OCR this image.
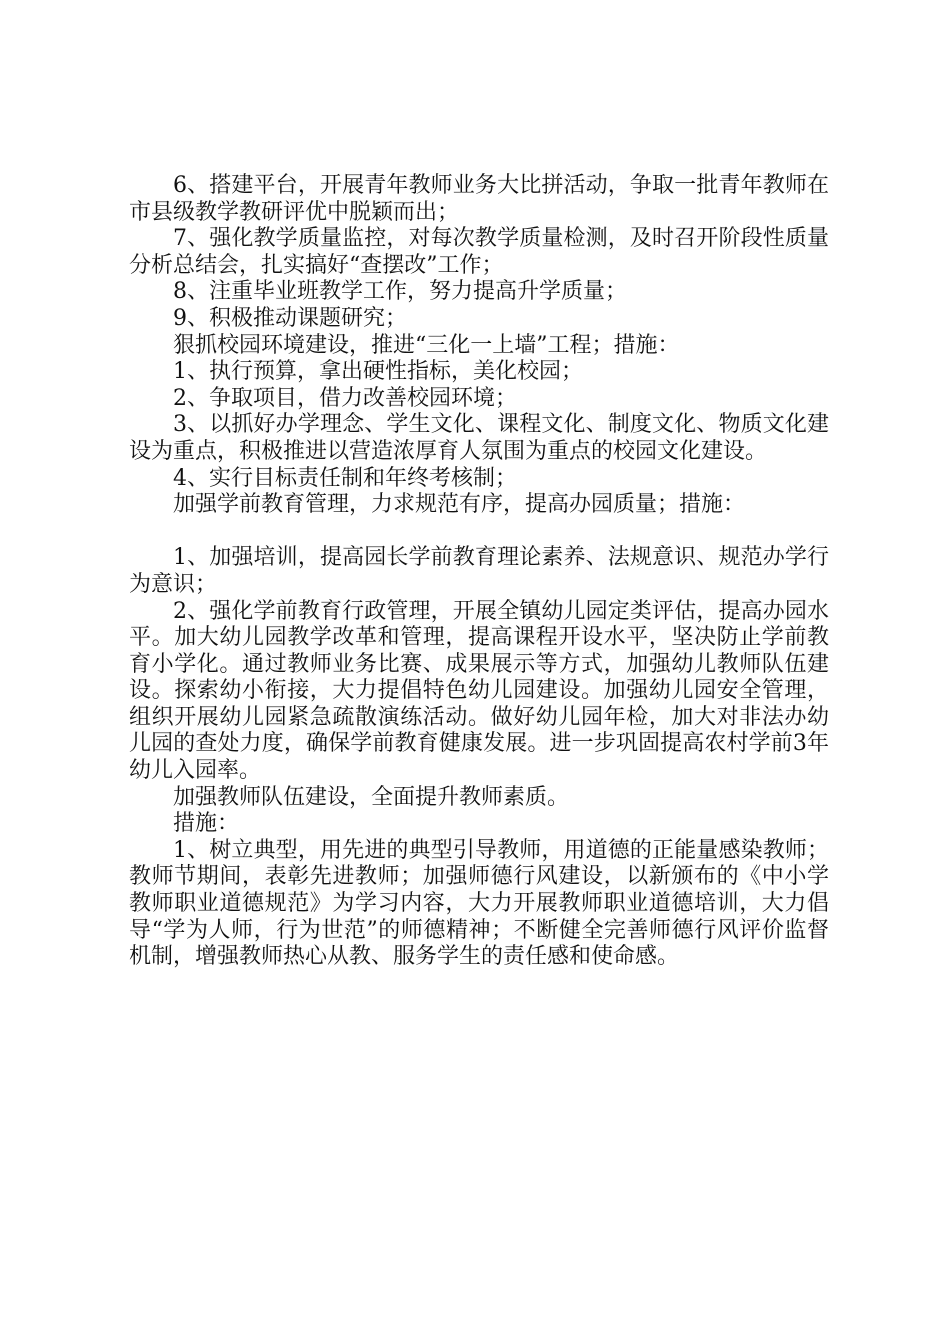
6、搭建平台，开展青年教师业务大比拼活动，争取一批青年教师在市县级教学教研评优中脱颖而出；

7、强化教学质量监控，对每次教学质量检测，及时召开阶段性质量分析总结会，扎实搞好“查摆改”工作；

8、注重毕业班教学工作，努力提高升学质量；

9、积极推动课题研究；

狠抓校园环境建设，推进“三化一上墙”工程；措施：

1、执行预算，拿出硬性指标，美化校园；

2、争取项目，借力改善校园环境；

3、以抓好办学理念、学生文化、课程文化、制度文化、物质文化建设为重点，积极推进以营造浓厚育人氛围为重点的校园文化建设。

4、实行目标责任制和年终考核制；

加强学前教育管理，力求规范有序，提高办园质量；措施：

1、加强培训，提高园长学前教育理论素养、法规意识、规范办学行为意识；

2、强化学前教育行政管理，开展全镇幼儿园定类评估，提高办园水平。加大幼儿园教学改革和管理，提高课程开设水平，坚决防止学前教育小学化。通过教师业务比赛、成果展示等方式，加强幼儿教师队伍建设。探索幼小衔接，大力提倡特色幼儿园建设。加强幼儿园安全管理，组织开展幼儿园紧急疏散演练活动。做好幼儿园年检，加大对非法办幼儿园的查处力度，确保学前教育健康发展。进一步巩固提高农村学前3年幼儿入园率。

加强教师队伍建设，全面提升教师素质。

措施：

1、树立典型，用先进的典型引导教师，用道德的正能量感染教师；教师节期间，表彰先进教师；加强师德行风建设，以新颁布的《中小学教师职业道德规范》为学习内容，大力开展教师职业道德培训，大力倡导“学为人师，行为世范”的师德精神；不断健全完善师德行风评价监督机制，增强教师热心从教、服务学生的责任感和使命感。
